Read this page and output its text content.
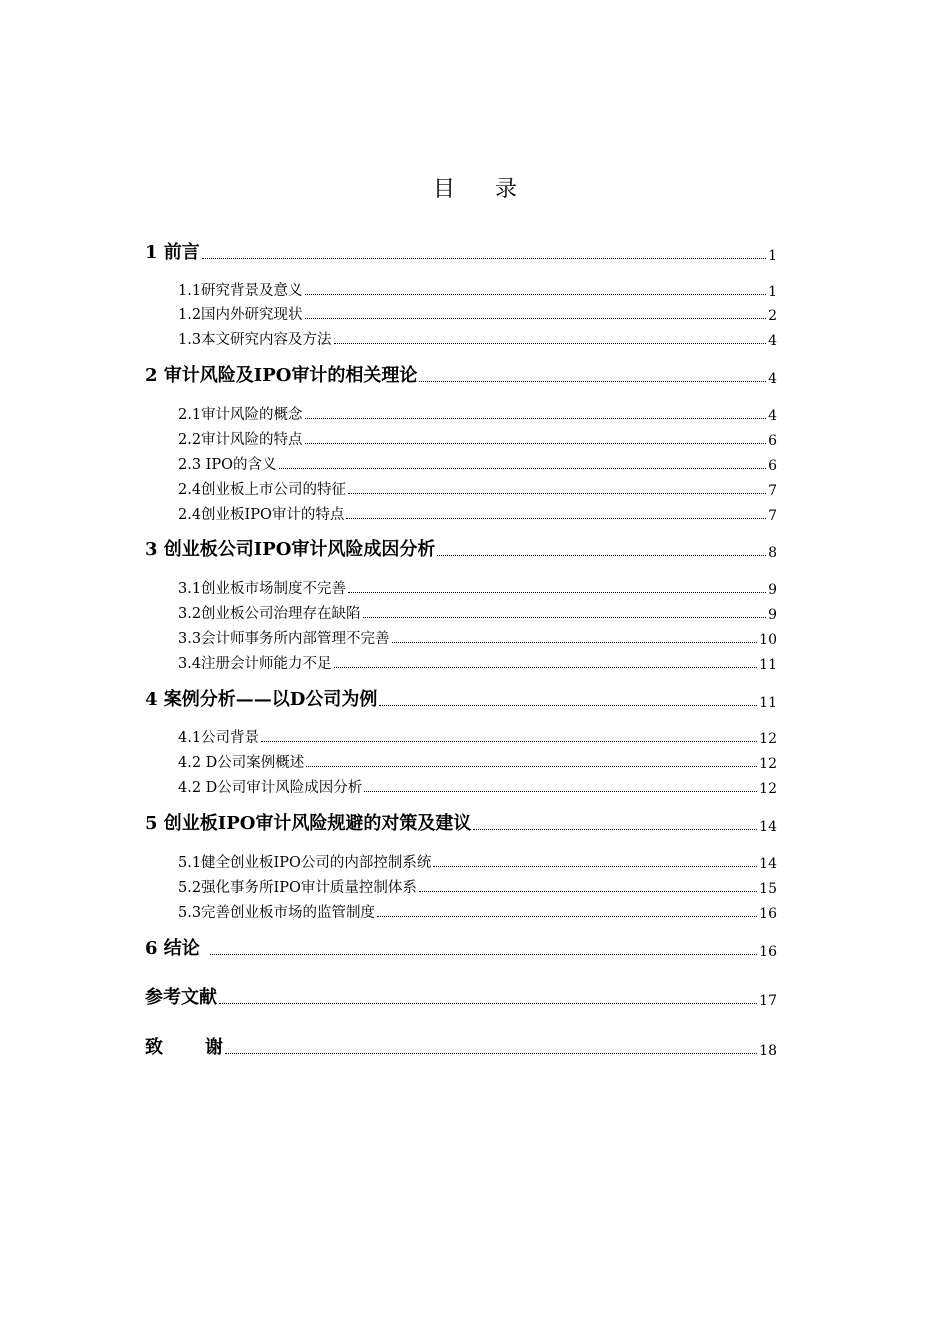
目 录
1 前言	1
1.1研究背景及意义	1
1.2国内外研究现状	2
1.3本文研究内容及方法	4
2 审计风险及IPO审计的相关理论	4
2.1审计风险的概念	4
2.2审计风险的特点	6
2.3 IPO的含义	6
2.4创业板上市公司的特征	7
2.4创业板IPO审计的特点	7
3 创业板公司IPO审计风险成因分析	8
3.1创业板市场制度不完善	9
3.2创业板公司治理存在缺陷	9
3.3会计师事务所内部管理不完善	10
3.4注册会计师能力不足	11
4 案例分析——以D公司为例	11
4.1公司背景	12
4.2 D公司案例概述	12
4.2 D公司审计风险成因分析	12
5 创业板IPO审计风险规避的对策及建议	14
5.1健全创业板IPO公司的内部控制系统	14
5.2强化事务所IPO审计质量控制体系	15
5.3完善创业板市场的监管制度	16
6 结论	16
参考文献	17
致 谢	18
